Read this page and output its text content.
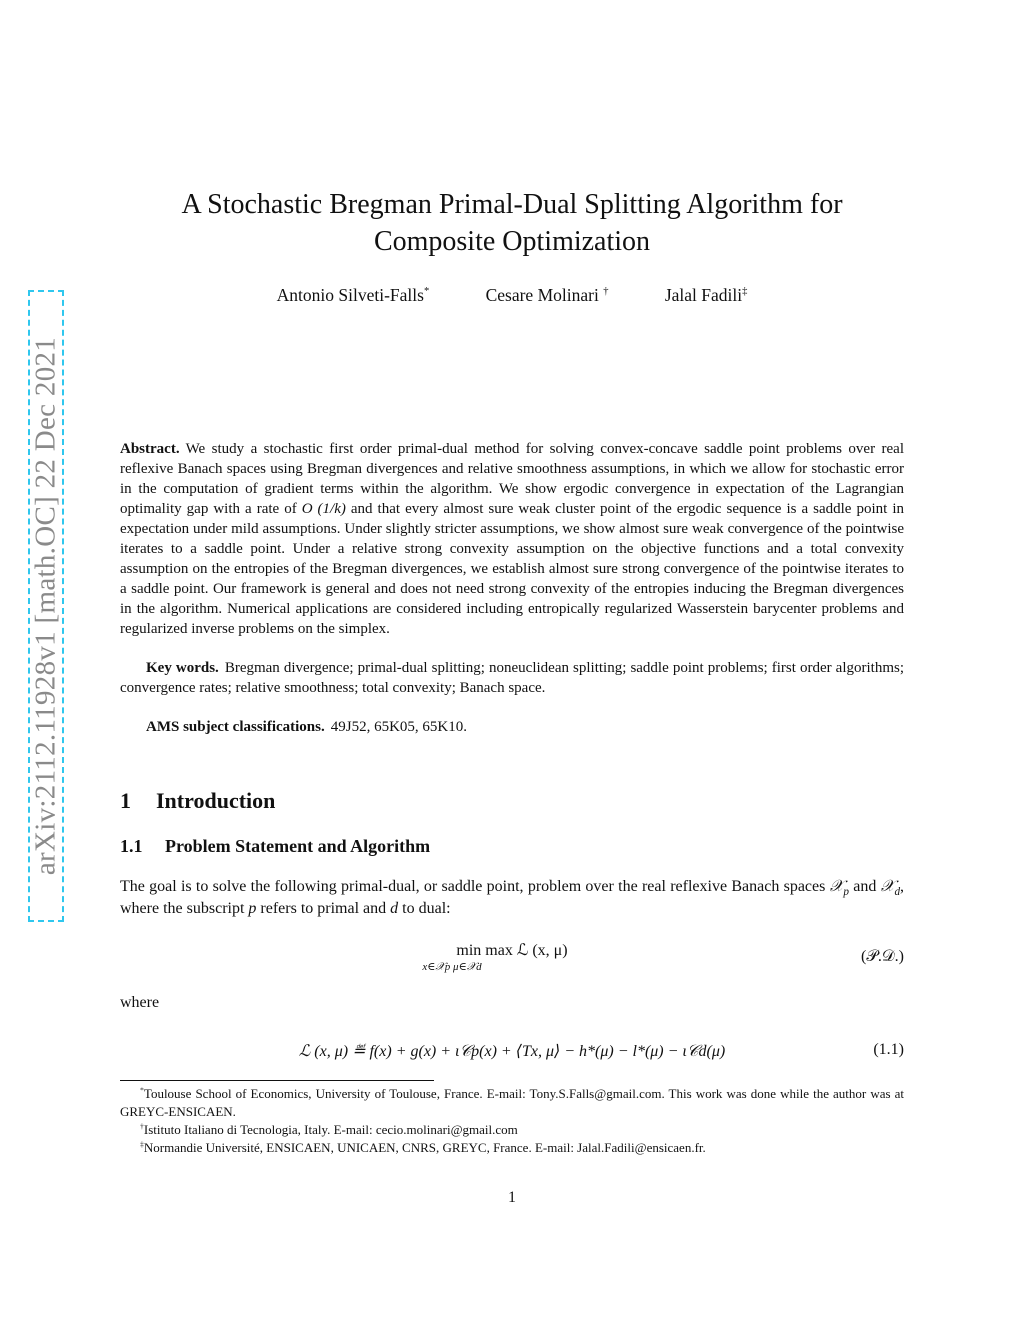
arXiv:2112.11928v1 [math.OC] 22 Dec 2021
A Stochastic Bregman Primal-Dual Splitting Algorithm for
Composite Optimization
Antonio Silveti-Falls*	Cesare Molinari †	Jalal Fadili‡
Abstract. We study a stochastic first order primal-dual method for solving convex-concave saddle point problems over real reflexive Banach spaces using Bregman divergences and relative smoothness assumptions, in which we allow for stochastic error in the computation of gradient terms within the algorithm. We show ergodic convergence in expectation of the Lagrangian optimality gap with a rate of O (1/k) and that every almost sure weak cluster point of the ergodic sequence is a saddle point in expectation under mild assumptions. Under slightly stricter assumptions, we show almost sure weak convergence of the pointwise iterates to a saddle point. Under a relative strong convexity assumption on the objective functions and a total convexity assumption on the entropies of the Bregman divergences, we establish almost sure strong convergence of the pointwise iterates to a saddle point. Our framework is general and does not need strong convexity of the entropies inducing the Bregman divergences in the algorithm. Numerical applications are considered including entropically regularized Wasserstein barycenter problems and regularized inverse problems on the simplex.
Key words. Bregman divergence; primal-dual splitting; noneuclidean splitting; saddle point problems; first order algorithms; convergence rates; relative smoothness; total convexity; Banach space.
AMS subject classifications. 49J52, 65K05, 65K10.
1 Introduction
1.1 Problem Statement and Algorithm
The goal is to solve the following primal-dual, or saddle point, problem over the real reflexive Banach spaces 𝒳$_p$ and 𝒳$_d$, where the subscript p refers to primal and d to dual:
min max ℒ (x, μ)
x∈𝒳p μ∈𝒳d
(𝒫.𝒟.)
where
ℒ (x, μ) ≝ f(x) + g(x) + ι𝒞p(x) + ⟨Tx, μ⟩ − h*(μ) − l*(μ) − ι𝒞d(μ)	(1.1)
*Toulouse School of Economics, University of Toulouse, France. E-mail: Tony.S.Falls@gmail.com. This work was done while the author was at GREYC-ENSICAEN.
†Istituto Italiano di Tecnologia, Italy. E-mail: cecio.molinari@gmail.com
‡Normandie Université, ENSICAEN, UNICAEN, CNRS, GREYC, France. E-mail: Jalal.Fadili@ensicaen.fr.
1
